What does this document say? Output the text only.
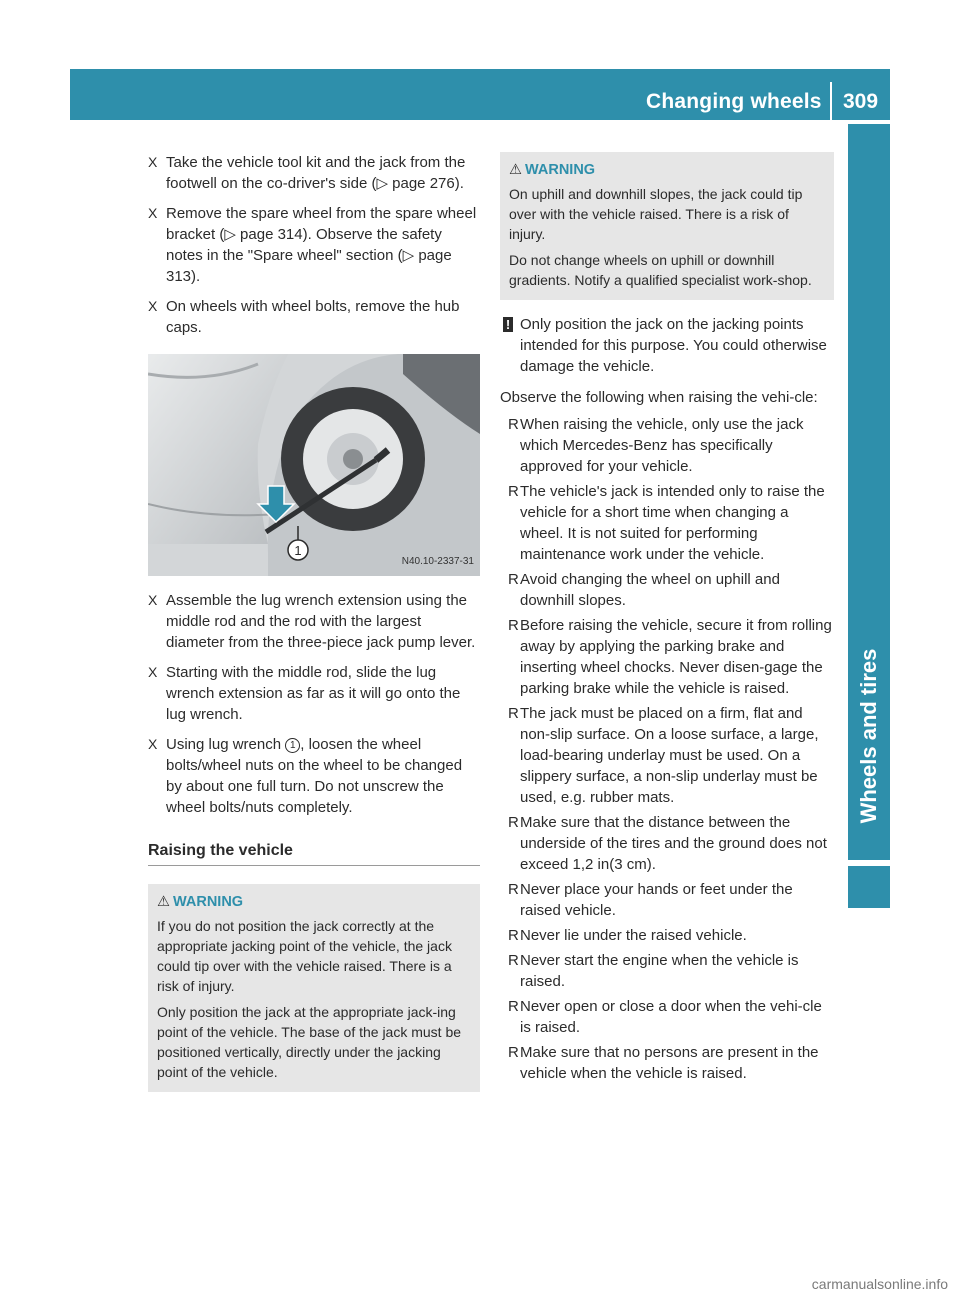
Changing wheels 309
Wheels and tires
X Take the vehicle tool kit and the jack from the footwell on the co-driver's side (▷ page 276).

X Remove the spare wheel from the spare wheel bracket (▷ page 314). Observe the safety notes in the "Spare wheel" section (▷ page 313).

X On wheels with wheel bolts, remove the hub caps.

1
N40.10-2337-31
X Assemble the lug wrench extension using the middle rod and the rod with the largest diameter from the three-piece jack pump lever.

X Starting with the middle rod, slide the lug wrench extension as far as it will go onto the lug wrench.

X Using lug wrench 1 , loosen the wheel bolts/wheel nuts on the wheel to be changed by about one full turn. Do not unscrew the wheel bolts/nuts completely.

Raising the vehicle
⚠ WARNING

If you do not position the jack correctly at the appropriate jacking point of the vehicle, the jack could tip over with the vehicle raised. There is a risk of injury.

Only position the jack at the appropriate jack-ing point of the vehicle. The base of the jack must be positioned vertically, directly under the jacking point of the vehicle.

⚠ WARNING

On uphill and downhill slopes, the jack could tip over with the vehicle raised. There is a risk of injury.

Do not change wheels on uphill or downhill gradients. Notify a qualified specialist work-shop.

! Only position the jack on the jacking points intended for this purpose. You could otherwise damage the vehicle.

Observe the following when raising the vehi-cle:

R When raising the vehicle, only use the jack which Mercedes-Benz has specifically approved for your vehicle.
R The vehicle's jack is intended only to raise the vehicle for a short time when changing a wheel. It is not suited for performing maintenance work under the vehicle.
R Avoid changing the wheel on uphill and downhill slopes.
R Before raising the vehicle, secure it from rolling away by applying the parking brake and inserting wheel chocks. Never disen-gage the parking brake while the vehicle is raised.
R The jack must be placed on a firm, flat and non-slip surface. On a loose surface, a large, load-bearing underlay must be used. On a slippery surface, a non-slip underlay must be used, e.g. rubber mats.
R Make sure that the distance between the underside of the tires and the ground does not exceed 1,2 in(3 cm).
R Never place your hands or feet under the raised vehicle.
R Never lie under the raised vehicle.
R Never start the engine when the vehicle is raised.
R Never open or close a door when the vehi-cle is raised.
R Make sure that no persons are present in the vehicle when the vehicle is raised.
carmanualsonline.info
